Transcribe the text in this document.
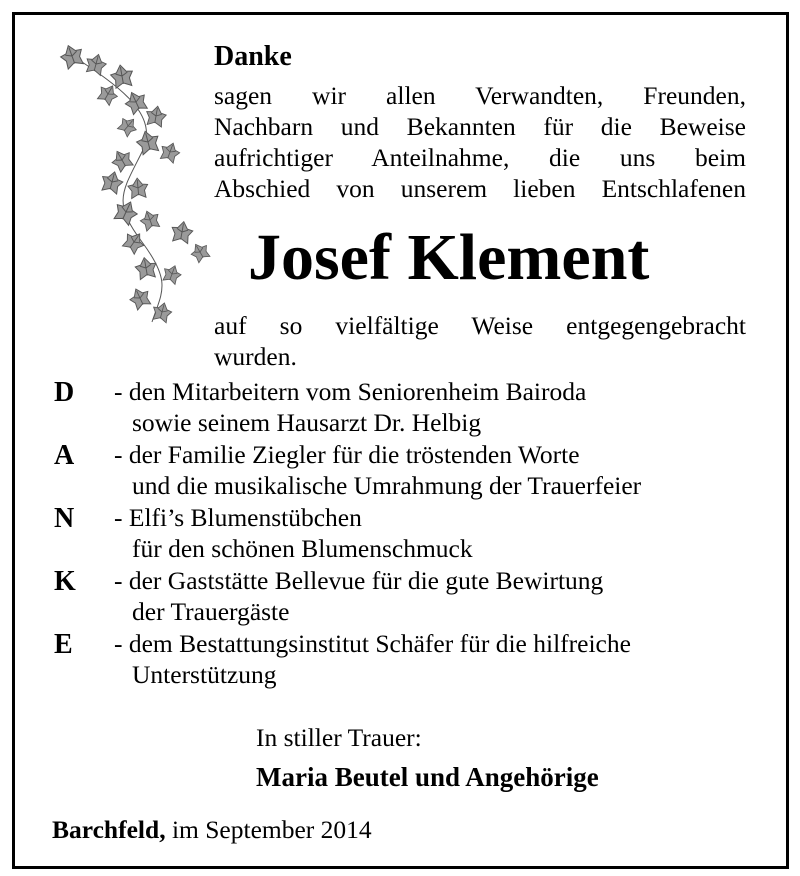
Danke
sagen wir allen Verwandten, Freunden,
Nachbarn und Bekannten für die Beweise
aufrichtiger Anteilnahme, die uns beim
Abschied von unserem lieben Entschlafenen
Josef Klement
auf so vielfältige Weise entgegengebracht
wurden.
D - den Mitarbeitern vom Seniorenheim Bairoda
sowie seinem Hausarzt Dr. Helbig
A - der Familie Ziegler für die tröstenden Worte
und die musikalische Umrahmung der Trauerfeier
N - Elfi’s Blumenstübchen
für den schönen Blumenschmuck
K - der Gaststätte Bellevue für die gute Bewirtung
der Trauergäste
E - dem Bestattungsinstitut Schäfer für die hilfreiche
Unterstützung
In stiller Trauer:
Maria Beutel und Angehörige
Barchfeld, im September 2014
